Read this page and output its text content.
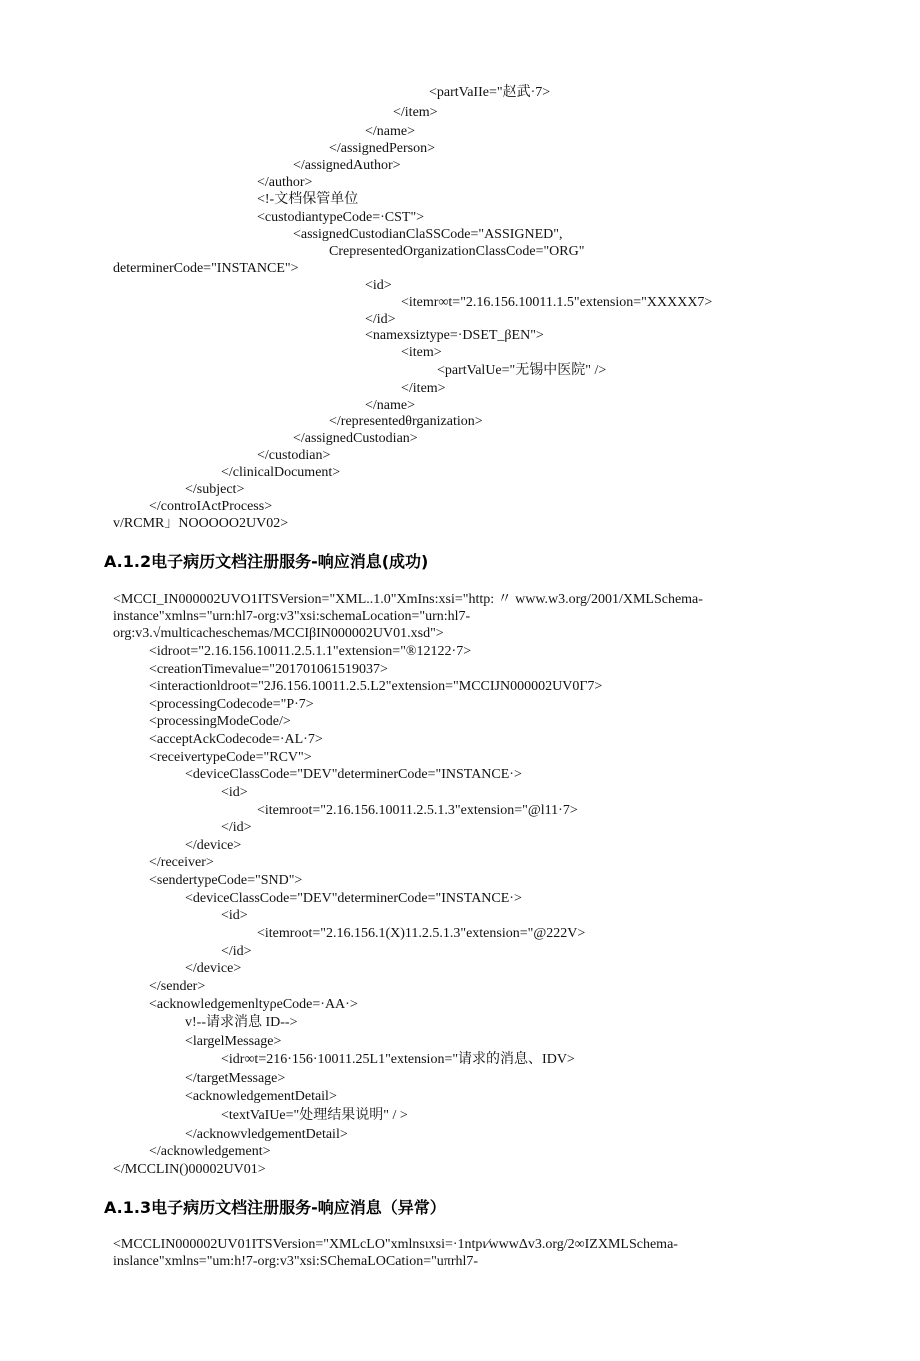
<partVaIIe="赵武·7>
</item>
</name>
</assignedPerson>
</assignedAuthor>
</author>
<!-文档保管单位
<custodiantypeCode=·CST">
<assignedCustodianClaSSCode="ASSIGNED",
CrepresentedOrganizationClassCode="ORG"
determinerCode="INSTANCE">
<id>
<itemr∞t="2.16.156.10011.1.5"extension="XXXXX7>
</id>
<namexsiztype=·DSET_βEN">
<item>
<partValUe="无锡中医院" />
</item>
</name>
</representedθrganization>
</assignedCustodian>
</custodian>
</clinicalDocument>
</subject>
</controIActProcess>
v/RCMR」NOOOOO2UV02>
A.1.2电子病历文档注册服务-响应消息(成功)
<MCCI_IN000002UVO1ITSVersion="XML..1.0"XmIns:xsi="http: 〃 www.w3.org/2001/XMLSchema-
instance"xmlns="urn:hl7-org:v3"xsi:schemaLocation="urn:hl7-
org:v3.√multicacheschemas/MCCIβIN000002UV01.xsd">
<idroot="2.16.156.10011.2.5.1.1"extension="®12122·7>
<creationTimevalue="201701061519037>
<interactionldroot="2J6.156.10011.2.5.L2"extension="MCCIJN000002UV0Γ7>
<processingCodecode="P·7>
<processingModeCode/>
<acceptAckCodecode=·AL·7>
<receivertypeCode="RCV">
<deviceClassCode="DEV"determinerCode="INSTANCE·>
<id>
<itemroot="2.16.156.10011.2.5.1.3"extension="@l11·7>
</id>
</device>
</receiver>
<sendertypeCode="SND">
<deviceClassCode="DEV"determinerCode="INSTANCE·>
<id>
<itemroot="2.16.156.1(X)11.2.5.1.3"extension="@222V>
</id>
</device>
</sender>
<acknowledgemenltyρeCode=·AA·>
v!--请求消息 ID-->
<largelMessage>
<idr∞t=216·156·10011.25L1"extension="请求的消息、IDV>
</targetMessage>
<acknowledgementDetail>
<textVaIUe="处理结果说明" / >
</acknowvledgementDetail>
</acknowledgement>
</MCCLIN()00002UV01>
A.1.3电子病历文档注册服务-响应消息（异常）
<MCCLIN000002UV01ITSVersion="XMLcLO"xmlnsιxsi=·1ntpι∕wwwΔv3.org/2∞IZXMLSchema-
inslance"xmlns="um:h!7-org:v3"xsi:SChemaLOCation="uπrhl7-
